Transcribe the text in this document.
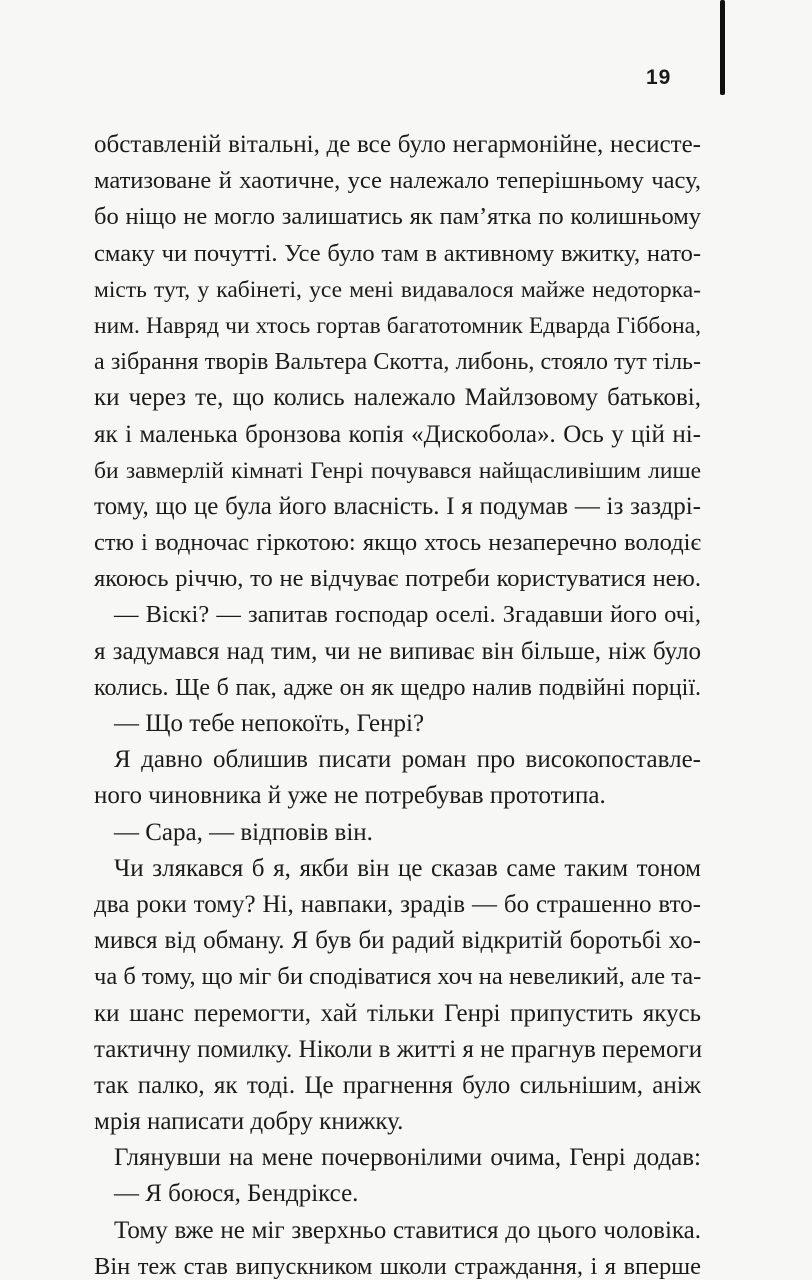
19
обставленій вітальні, де все було негармонійне, несисте-
матизоване й хаотичне, усе належало теперішньому часу,
бо ніщо не могло залишатись як пам’ятка по колишньому
смаку чи почутті. Усе було там в активному вжитку, нато-
мість тут, у кабінеті, усе мені видавалося майже недоторка-
ним. Навряд чи хтось гортав багатотомник Едварда Гіббона,
а зібрання творів Вальтера Скотта, либонь, стояло тут тіль-
ки через те, що колись належало Майлзовому батькові,
як і маленька бронзова копія «Дискобола». Ось у цій ні-
би завмерлій кімнаті Генрі почувався найщасливішим лише
тому, що це була його власність. І я подумав — із заздрі-
стю і водночас гіркотою: якщо хтось незаперечно володіє
якоюсь річчю, то не відчуває потреби користуватися нею.
— Віскі? — запитав господар оселі. Згадавши його очі,
я задумався над тим, чи не випиває він більше, ніж було
колись. Ще б пак, адже он як щедро налив подвійні порції.
— Що тебе непокоїть, Генрі?
Я давно облишив писати роман про високопоставле-
ного чиновника й уже не потребував прототипа.
— Сара, — відповів він.
Чи злякався б я, якби він це сказав саме таким тоном
два роки тому? Ні, навпаки, зрадів — бо страшенно вто-
мився від обману. Я був би радий відкритій боротьбі хо-
ча б тому, що міг би сподіватися хоч на невеликий, але та-
ки шанс перемогти, хай тільки Генрі припустить якусь
тактичну помилку. Ніколи в житті я не прагнув перемоги
так палко, як тоді. Це прагнення було сильнішим, аніж
мрія написати добру книжку.
Глянувши на мене почервонілими очима, Генрі додав:
— Я боюся, Бендріксе.
Тому вже не міг зверхньо ставитися до цього чоловіка.
Він теж став випускником школи страждання, і я вперше
